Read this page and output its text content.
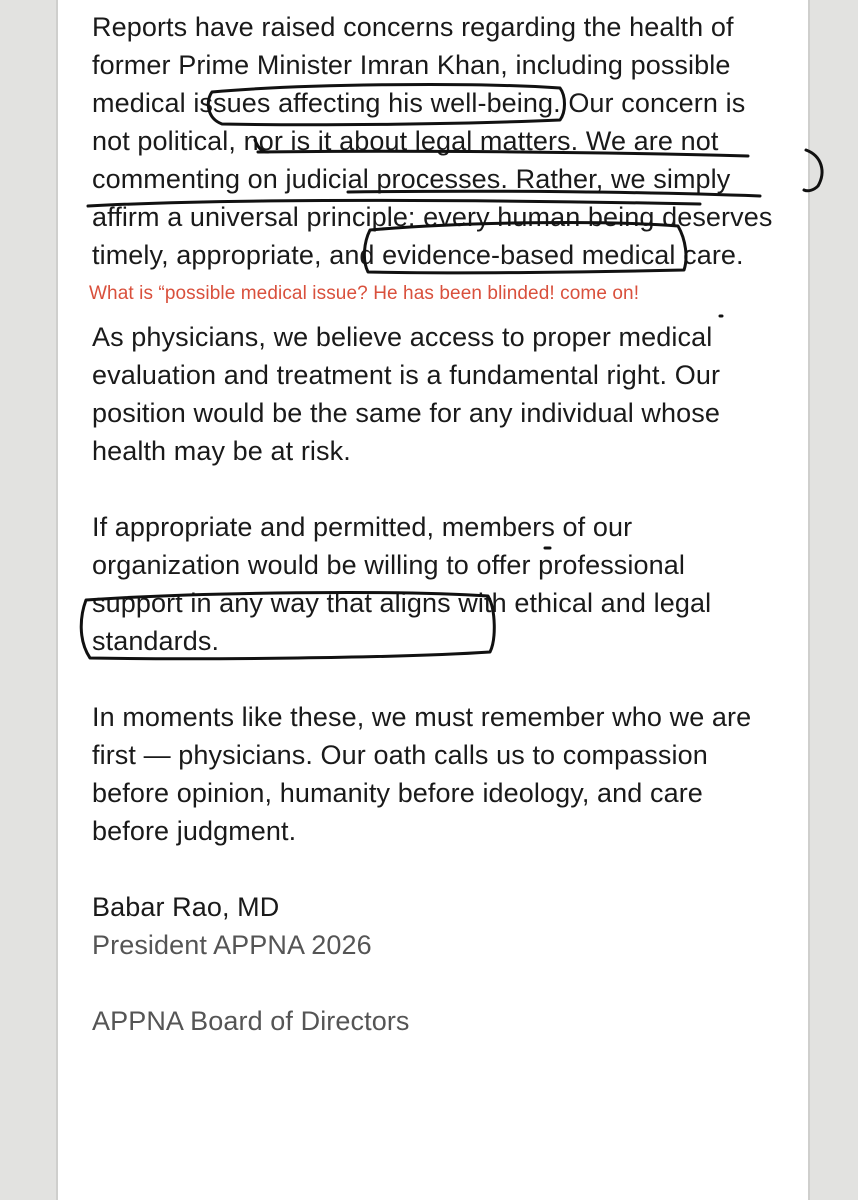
Reports have raised concerns regarding the health of former Prime Minister Imran Khan, including possible medical issues affecting his well-being. Our concern is not political, nor is it about legal matters. We are not commenting on judicial processes. Rather, we simply affirm a universal principle: every human being deserves timely, appropriate, and evidence-based medical care.

What is “possible medical issue? He has been blinded! come on!

As physicians, we believe access to proper medical evaluation and treatment is a fundamental right. Our position would be the same for any individual whose health may be at risk.

If appropriate and permitted, members of our organization would be willing to offer professional support in any way that aligns with ethical and legal standards.

In moments like these, we must remember who we are first — physicians. Our oath calls us to compassion before opinion, humanity before ideology, and care before judgment.

Babar Rao, MD

President APPNA 2026

APPNA Board of Directors
